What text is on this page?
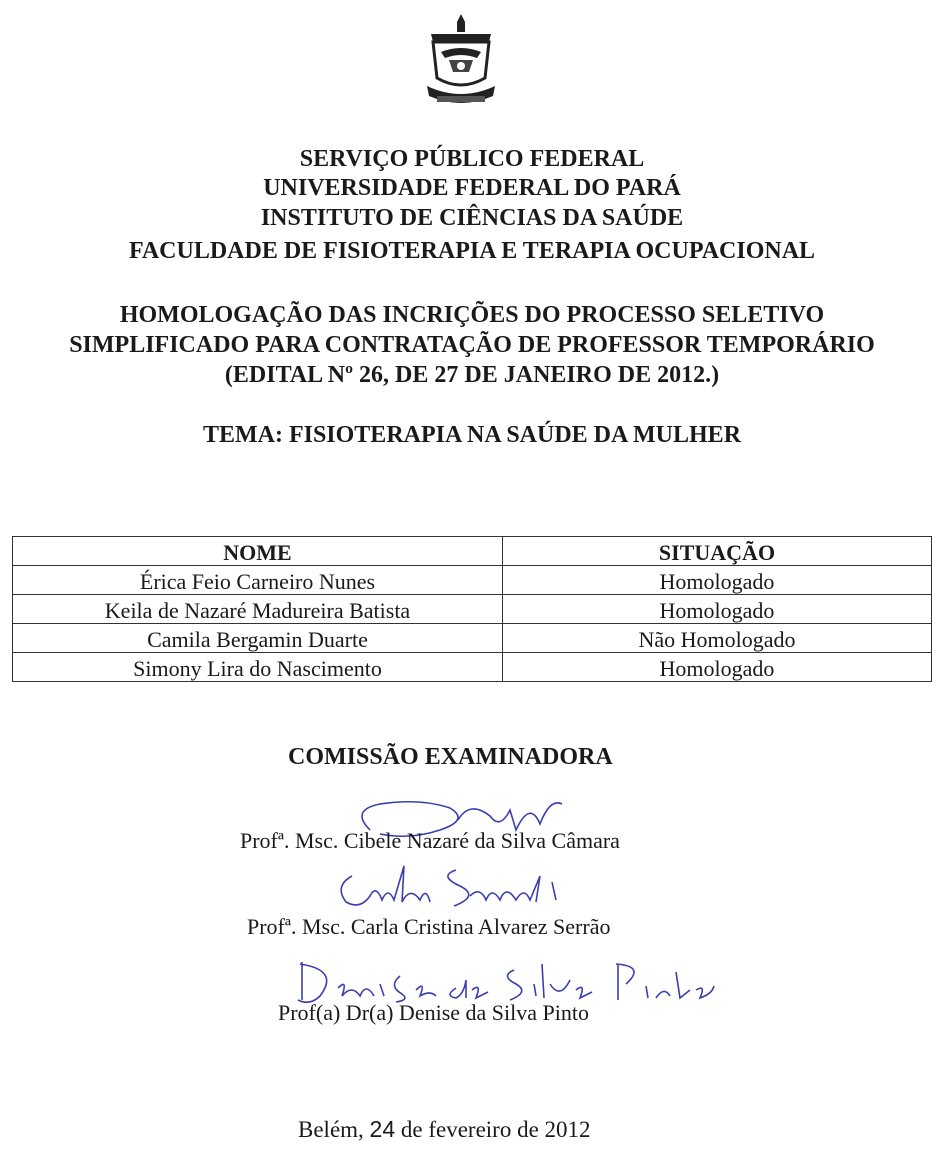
SERVIÇO PÚBLICO FEDERAL
UNIVERSIDADE FEDERAL DO PARÁ
INSTITUTO DE CIÊNCIAS DA SAÚDE
FACULDADE DE FISIOTERAPIA E TERAPIA OCUPACIONAL
HOMOLOGAÇÃO DAS INCRIÇÕES DO PROCESSO SELETIVO
SIMPLIFICADO PARA CONTRATAÇÃO DE PROFESSOR TEMPORÁRIO
(EDITAL Nº 26, DE 27 DE JANEIRO DE 2012.)
TEMA: FISIOTERAPIA NA SAÚDE DA MULHER
NOME	SITUAÇÃO
Érica Feio Carneiro Nunes	Homologado
Keila de Nazaré Madureira Batista	Homologado
Camila Bergamin Duarte	Não Homologado
Simony Lira do Nascimento	Homologado
COMISSÃO EXAMINADORA
Profª. Msc. Cibele Nazaré da Silva Câmara
Profª. Msc. Carla Cristina Alvarez Serrão
Prof(a) Dr(a) Denise da Silva Pinto
Belém, 24 de fevereiro de 2012
